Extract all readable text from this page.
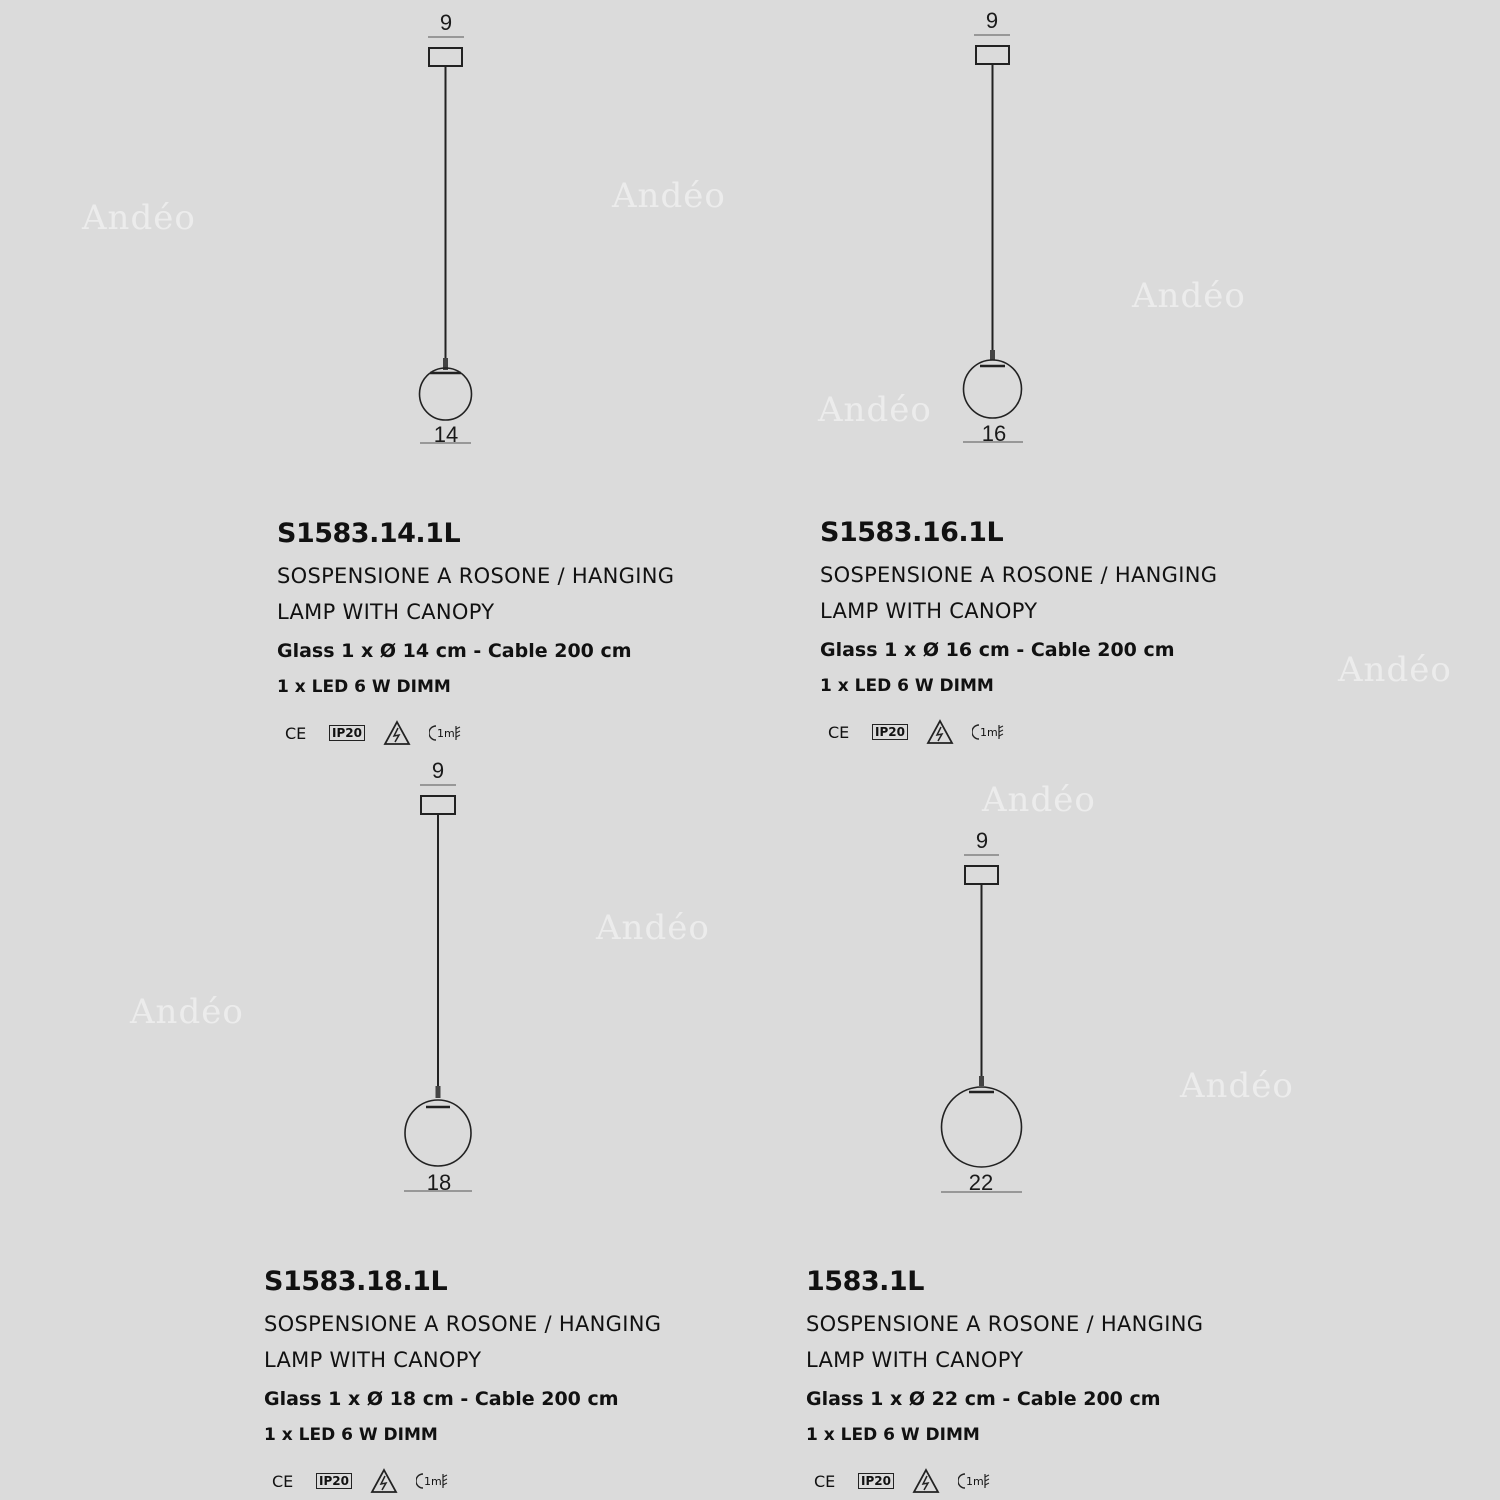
Andéo
Andéo
Andéo
Andéo
Andéo
Andéo
Andéo
Andéo
Andéo
9
14
9
16
9
18
9
22
S1583.14.1L
SOSPENSIONE A ROSONE / HANGING
LAMP WITH CANOPY
Glass 1 x Ø 14 cm - Cable 200 cm
1 x LED 6 W DIMM
CE	IP20	1m
S1583.16.1L
SOSPENSIONE A ROSONE / HANGING
LAMP WITH CANOPY
Glass 1 x Ø 16 cm - Cable 200 cm
1 x LED 6 W DIMM
CE	IP20	1m
S1583.18.1L
SOSPENSIONE A ROSONE / HANGING
LAMP WITH CANOPY
Glass 1 x Ø 18 cm - Cable 200 cm
1 x LED 6 W DIMM
CE	IP20	1m
1583.1L
SOSPENSIONE A ROSONE / HANGING
LAMP WITH CANOPY
Glass 1 x Ø 22 cm - Cable 200 cm
1 x LED 6 W DIMM
CE	IP20	1m
